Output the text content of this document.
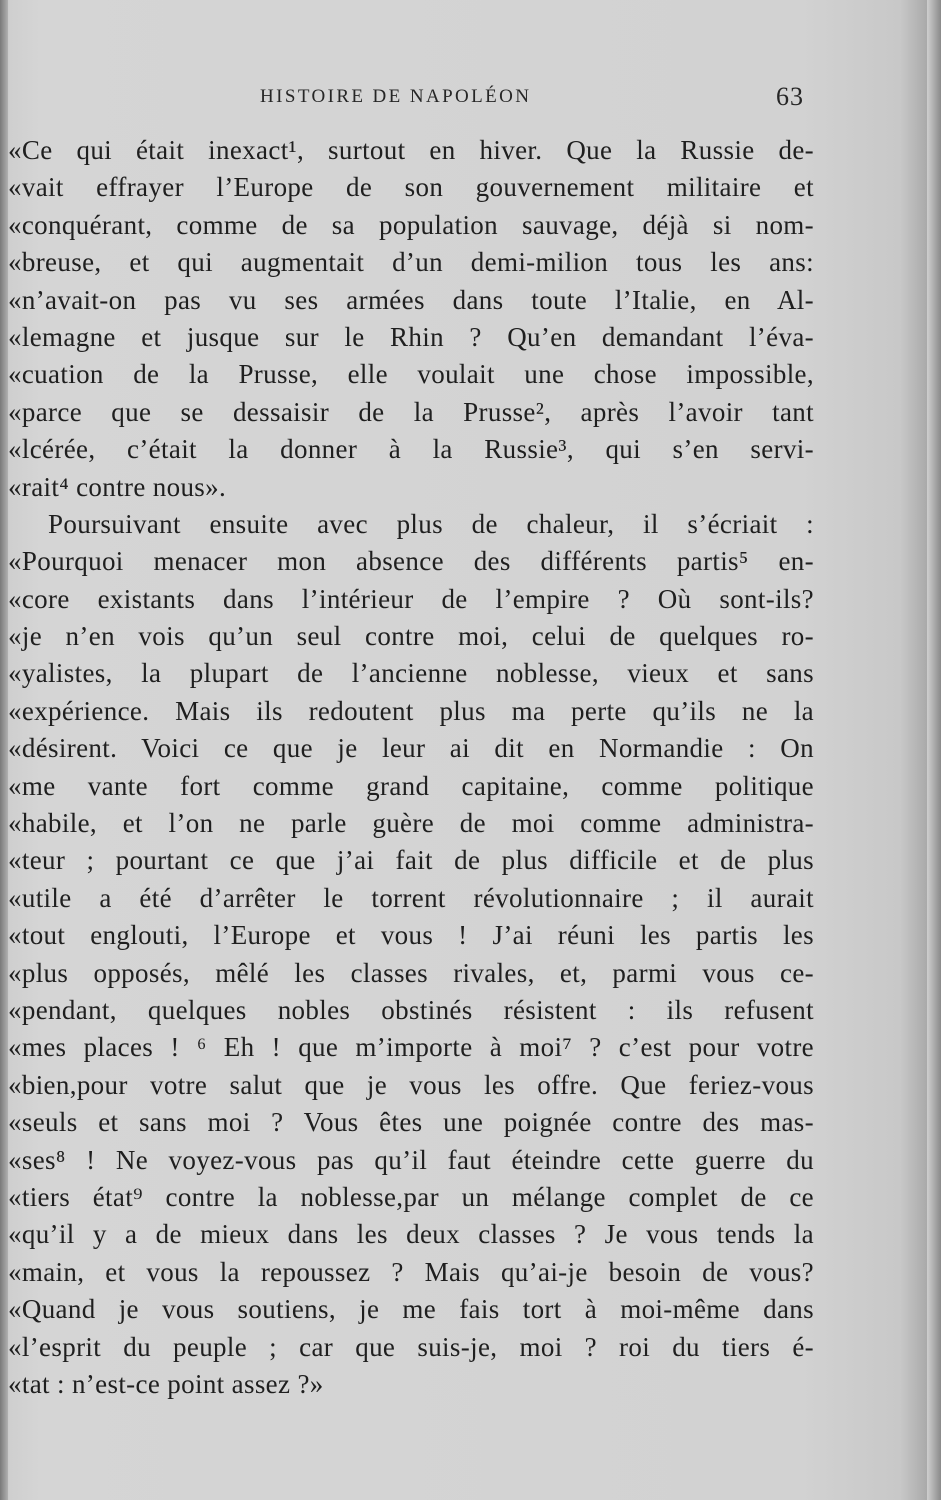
HISTOIRE DE NAPOLÉON	63
«Ce qui était inexact¹, surtout en hiver. Que la Russie de-
«vait effrayer l’Europe de son gouvernement militaire et
«conquérant, comme de sa population sauvage, déjà si nom-
«breuse, et qui augmentait d’un demi-milion tous les ans:
«n’avait-on pas vu ses armées dans toute l’Italie, en Al-
«lemagne et jusque sur le Rhin ? Qu’en demandant l’éva-
«cuation de la Prusse, elle voulait une chose impossible,
«parce que se dessaisir de la Prusse², après l’avoir tant
«lcérée, c’était la donner à la Russie³, qui s’en servi-
«rait⁴ contre nous».
Poursuivant ensuite avec plus de chaleur, il s’écriait :
«Pourquoi menacer mon absence des différents partis⁵ en-
«core existants dans l’intérieur de l’empire ? Où sont-ils?
«je n’en vois qu’un seul contre moi, celui de quelques ro-
«yalistes, la plupart de l’ancienne noblesse, vieux et sans
«expérience. Mais ils redoutent plus ma perte qu’ils ne la
«désirent. Voici ce que je leur ai dit en Normandie : On
«me vante fort comme grand capitaine, comme politique
«habile, et l’on ne parle guère de moi comme administra-
«teur ; pourtant ce que j’ai fait de plus difficile et de plus
«utile a été d’arrêter le torrent révolutionnaire ; il aurait
«tout englouti, l’Europe et vous ! J’ai réuni les partis les
«plus opposés, mêlé les classes rivales, et, parmi vous ce-
«pendant, quelques nobles obstinés résistent : ils refusent
«mes places ! ⁶ Eh ! que m’importe à moi⁷ ? c’est pour votre
«bien,pour votre salut que je vous les offre. Que feriez-vous
«seuls et sans moi ? Vous êtes une poignée contre des mas-
«ses⁸ ! Ne voyez-vous pas qu’il faut éteindre cette guerre du
«tiers état⁹ contre la noblesse,par un mélange complet de ce
«qu’il y a de mieux dans les deux classes ? Je vous tends la
«main, et vous la repoussez ? Mais qu’ai-je besoin de vous?
«Quand je vous soutiens, je me fais tort à moi-même dans
«l’esprit du peuple ; car que suis-je, moi ? roi du tiers é-
«tat : n’est-ce point assez ?»
